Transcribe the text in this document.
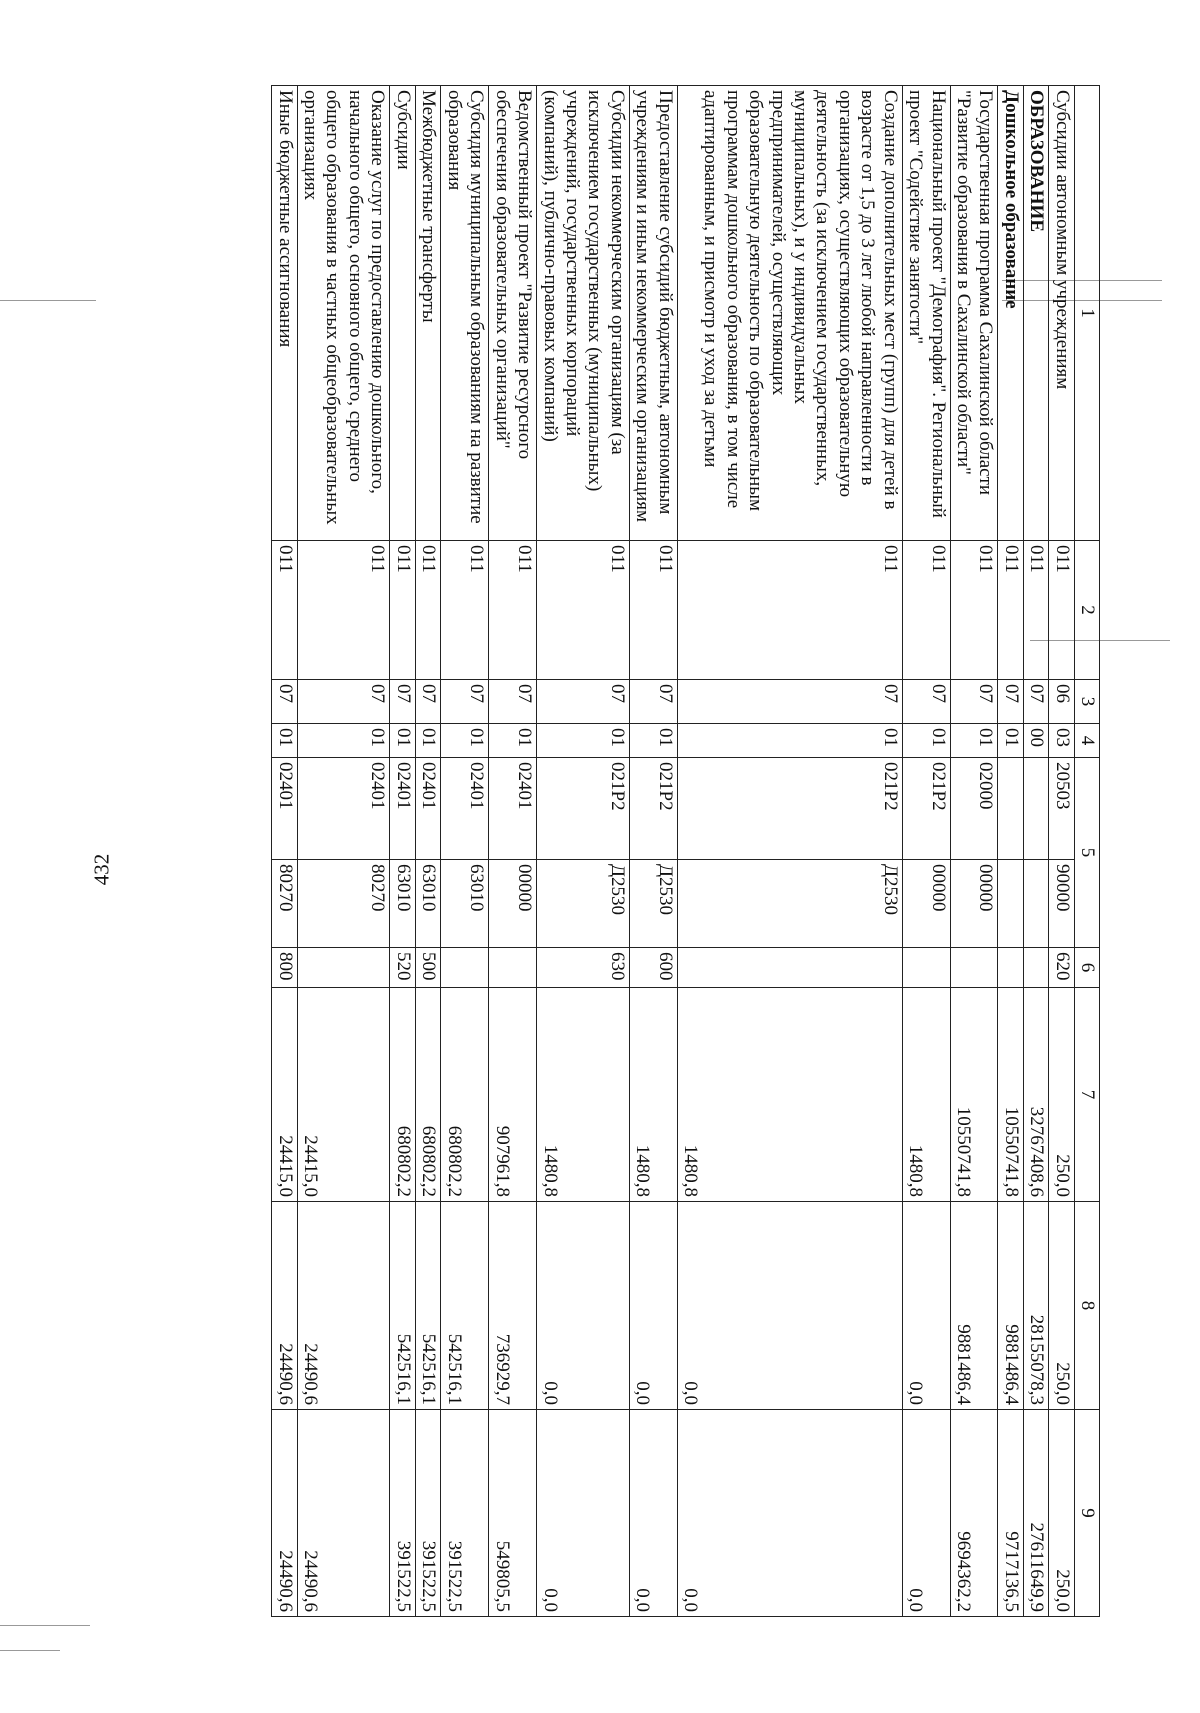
432
1	2	3	4	5		6	7	8	9
Субсидии автономным учреждениям	011	06	03	20503	90000	620	250,0	250,0	250,0
ОБРАЗОВАНИЕ	011	07	00				32767408,6	28155078,3	27611649,9
Дошкольное образование	011	07	01				10550741,8	9881486,4	9717136,5
Государственная программа Сахалинской области "Развитие образования в Сахалинской области"	011	07	01	02000	00000		10550741,8	9881486,4	9694362,2
Национальный проект "Демография". Региональный проект "Содействие занятости"	011	07	01	021P2	00000		1480,8	0,0	0,0
Создание дополнительных мест (групп) для детей в возрасте от 1,5 до 3 лет любой направленности в организациях, осуществляющих образовательную деятельность (за исключением государственных, муниципальных), и у индивидуальных предпринимателей, осуществляющих образовательную деятельность по образовательным программам дошкольного образования, в том числе адаптированным, и присмотр и уход за детьми	011	07	01	021P2	Д2530		1480,8	0,0	0,0
Предоставление субсидий бюджетным, автономным учреждениям и иным некоммерческим организациям	011	07	01	021P2	Д2530	600	1480,8	0,0	0,0
Субсидии некоммерческим организациям (за исключением государственных (муниципальных) учреждений, государственных корпораций (компаний), публично-правовых компаний)	011	07	01	021P2	Д2530	630	1480,8	0,0	0,0
Ведомственный проект "Развитие ресурсного обеспечения образовательных организаций"	011	07	01	02401	00000		907961,8	736929,7	549805,5
Субсидия муниципальным образованиям на развитие образования	011	07	01	02401	63010		680802,2	542516,1	391522,5
Межбюджетные трансферты	011	07	01	02401	63010	500	680802,2	542516,1	391522,5
Субсидии	011	07	01	02401	63010	520	680802,2	542516,1	391522,5
Оказание услуг по предоставлению дошкольного, начального общего, основного общего, среднего общего образования в частных общеобразовательных организациях	011	07	01	02401	80270		24415,0	24490,6	24490,6
Иные бюджетные ассигнования	011	07	01	02401	80270	800	24415,0	24490,6	24490,6
